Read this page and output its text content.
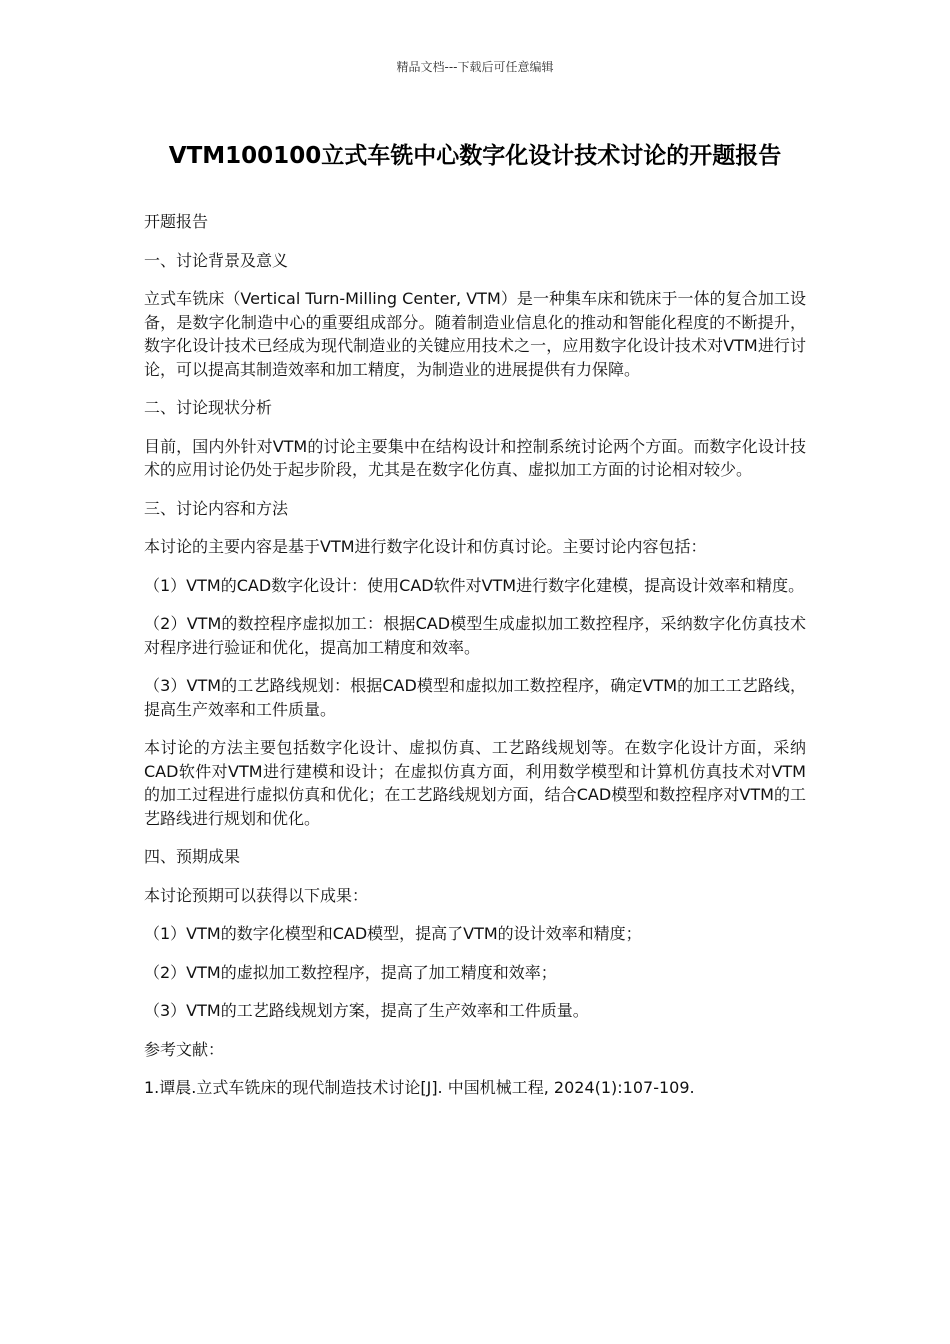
精品文档---下载后可任意编辑
VTM100100立式车铣中心数字化设计技术讨论的开题报告

开题报告

一、讨论背景及意义

立式车铣床（Vertical Turn-Milling Center, VTM）是一种集车床和铣床于一体的复合加工设备，是数字化制造中心的重要组成部分。随着制造业信息化的推动和智能化程度的不断提升，数字化设计技术已经成为现代制造业的关键应用技术之一，应用数字化设计技术对VTM进行讨论，可以提高其制造效率和加工精度，为制造业的进展提供有力保障。

二、讨论现状分析

目前，国内外针对VTM的讨论主要集中在结构设计和控制系统讨论两个方面。而数字化设计技术的应用讨论仍处于起步阶段，尤其是在数字化仿真、虚拟加工方面的讨论相对较少。

三、讨论内容和方法

本讨论的主要内容是基于VTM进行数字化设计和仿真讨论。主要讨论内容包括：

（1）VTM的CAD数字化设计：使用CAD软件对VTM进行数字化建模，提高设计效率和精度。

（2）VTM的数控程序虚拟加工：根据CAD模型生成虚拟加工数控程序，采纳数字化仿真技术对程序进行验证和优化，提高加工精度和效率。

（3）VTM的工艺路线规划：根据CAD模型和虚拟加工数控程序，确定VTM的加工工艺路线，提高生产效率和工件质量。

本讨论的方法主要包括数字化设计、虚拟仿真、工艺路线规划等。在数字化设计方面，采纳CAD软件对VTM进行建模和设计；在虚拟仿真方面，利用数学模型和计算机仿真技术对VTM的加工过程进行虚拟仿真和优化；在工艺路线规划方面，结合CAD模型和数控程序对VTM的工艺路线进行规划和优化。

四、预期成果

本讨论预期可以获得以下成果：

（1）VTM的数字化模型和CAD模型，提高了VTM的设计效率和精度；

（2）VTM的虚拟加工数控程序，提高了加工精度和效率；

（3）VTM的工艺路线规划方案，提高了生产效率和工件质量。

参考文献：

1.谭晨.立式车铣床的现代制造技术讨论[J]. 中国机械工程, 2024(1):107-109.
